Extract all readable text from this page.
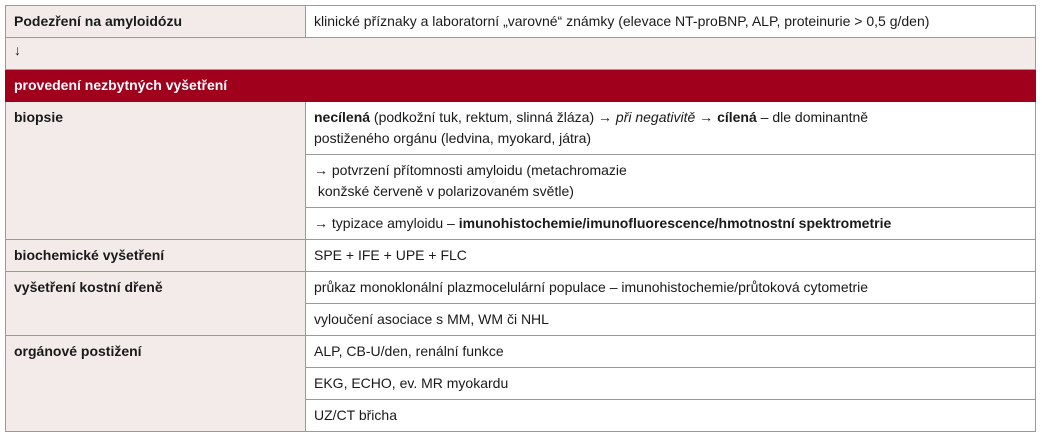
Podezření na amyloidózu	klinické příznaky a laboratorní „varovné“ známky (elevace NT-proBNP, ALP, proteinurie > 0,5 g/den)
↓	
provedení nezbytných vyšetření	
biopsie	necílená (podkožní tuk, rektum, slinná žláza) → při negativitě → cílená – dle dominantně
postiženého orgánu (ledvina, myokard, játra)
	→ potvrzení přítomnosti amyloidu (metachromazie
konžské červeně v polarizovaném světle)
	→ typizace amyloidu – imunohistochemie/imunofluorescence/hmotnostní spektrometrie
biochemické vyšetření	SPE + IFE + UPE + FLC
vyšetření kostní dřeně	průkaz monoklonální plazmocelulární populace – imunohistochemie/průtoková cytometrie
	vyloučení asociace s MM, WM či NHL
orgánové postižení	ALP, CB-U/den, renální funkce
	EKG, ECHO, ev. MR myokardu
	UZ/CT břicha
